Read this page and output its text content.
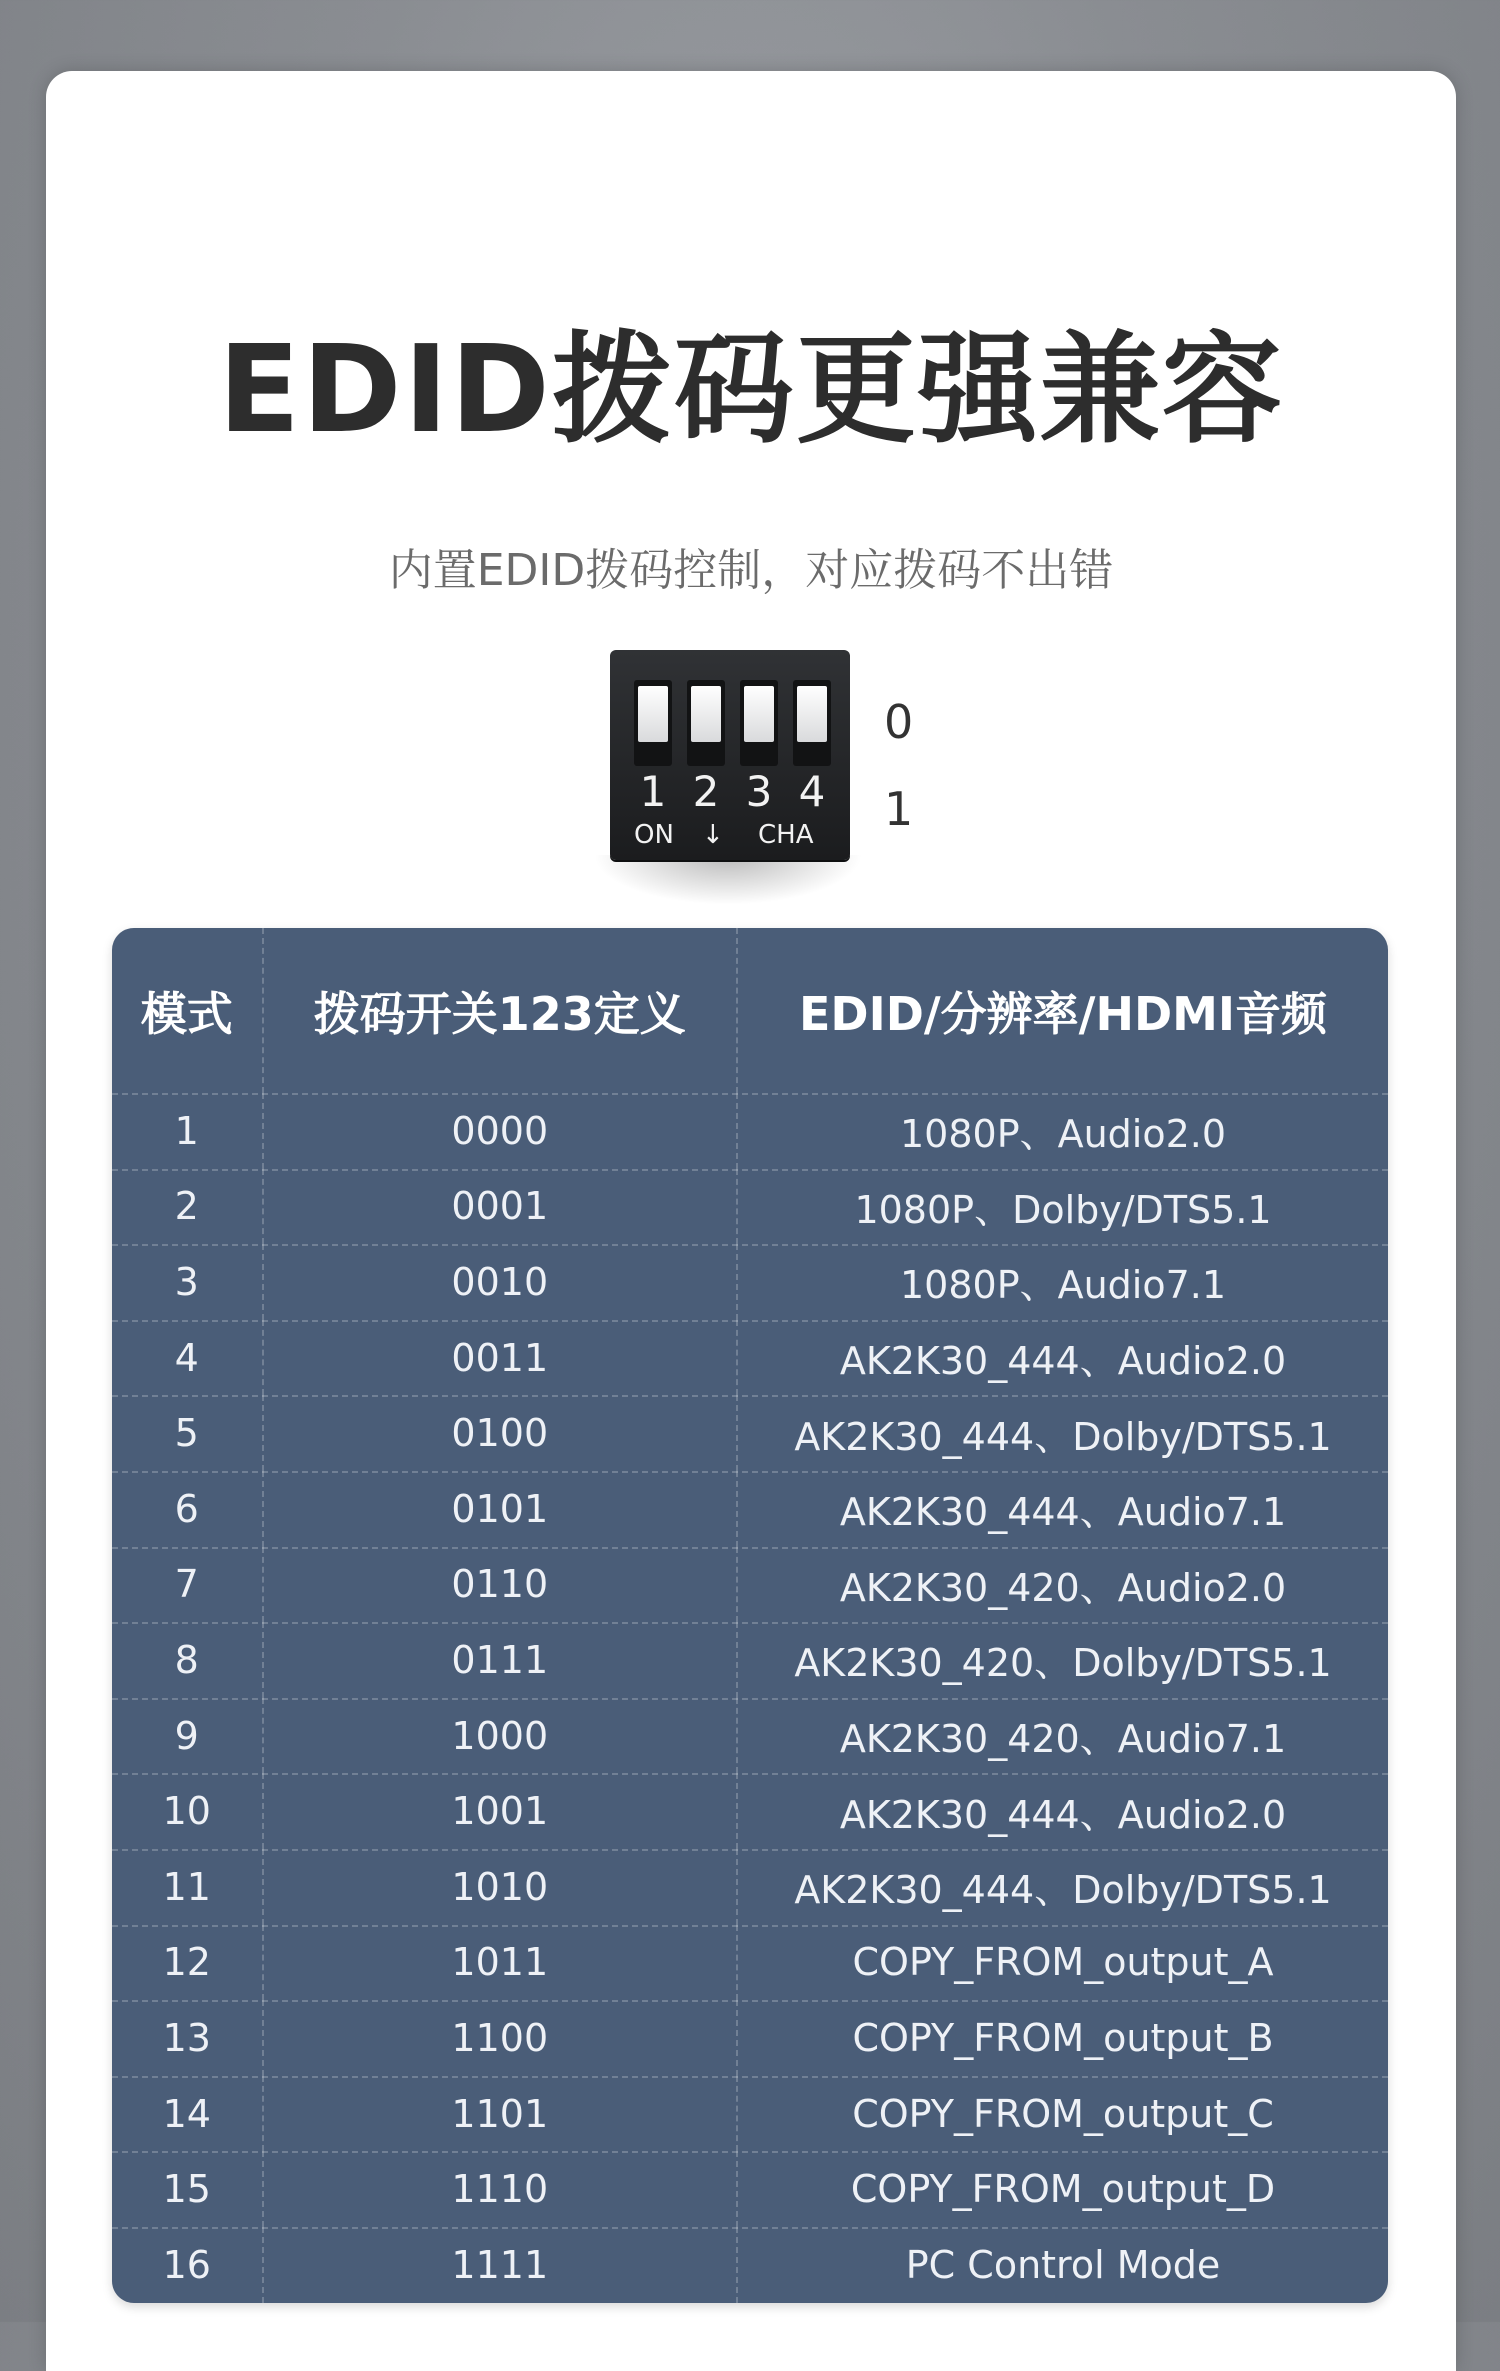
EDID拨码更强兼容
内置EDID拨码控制，对应拨码不出错
1 2 3 4
ON ↓ CHA
0
1
模式	拨码开关123定义	EDID/分辨率/HDMI音频
1	0000	1080P、Audio2.0
2	0001	1080P、Dolby/DTS5.1
3	0010	1080P、Audio7.1
4	0011	AK2K30_444、Audio2.0
5	0100	AK2K30_444、Dolby/DTS5.1
6	0101	AK2K30_444、Audio7.1
7	0110	AK2K30_420、Audio2.0
8	0111	AK2K30_420、Dolby/DTS5.1
9	1000	AK2K30_420、Audio7.1
10	1001	AK2K30_444、Audio2.0
11	1010	AK2K30_444、Dolby/DTS5.1
12	1011	COPY_FROM_output_A
13	1100	COPY_FROM_output_B
14	1101	COPY_FROM_output_C
15	1110	COPY_FROM_output_D
16	1111	PC Control Mode
